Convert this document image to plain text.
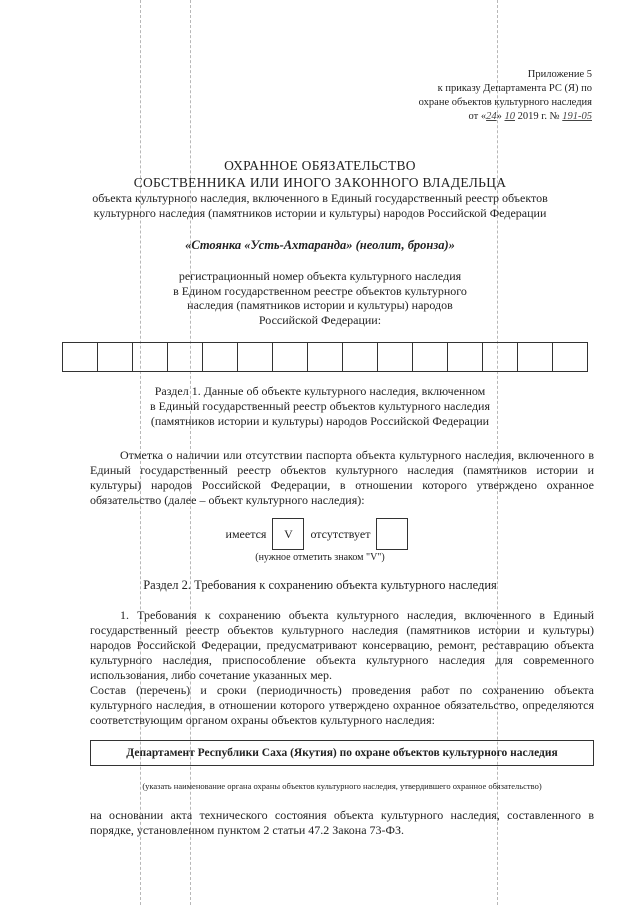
Приложение 5
к приказу Департамента РС (Я) по
охране объектов культурного наследия
от «24» 10 2019 г. № 191-05
ОХРАННОЕ ОБЯЗАТЕЛЬСТВО
СОБСТВЕННИКА ИЛИ ИНОГО ЗАКОННОГО ВЛАДЕЛЬЦА
объекта культурного наследия, включенного в Единый государственный реестр объектов
культурного наследия (памятников истории и культуры) народов Российской Федерации
«Стоянка «Усть-Ахтаранда» (неолит, бронза)»
регистрационный номер объекта культурного наследия
в Едином государственном реестре объектов культурного
наследия (памятников истории и культуры) народов
Российской Федерации:
Раздел 1. Данные об объекте культурного наследия, включенном
в Единый государственный реестр объектов культурного наследия
(памятников истории и культуры) народов Российской Федерации
Отметка о наличии или отсутствии паспорта объекта культурного наследия, включенного в Единый государственный реестр объектов культурного наследия (памятников истории и культуры) народов Российской Федерации, в отношении которого утверждено охранное обязательство (далее – объект культурного наследия):
имеется	V	отсутствует
(нужное отметить знаком "V")
Раздел 2. Требования к сохранению объекта культурного наследия
1. Требования к сохранению объекта культурного наследия, включенного в Единый государственный реестр объектов культурного наследия (памятников истории и культуры) народов Российской Федерации, предусматривают консервацию, ремонт, реставрацию объекта культурного наследия, приспособление объекта культурного наследия для современного использования, либо сочетание указанных мер.
Состав (перечень) и сроки (периодичность) проведения работ по сохранению объекта культурного наследия, в отношении которого утверждено охранное обязательство, определяются соответствующим органом охраны объектов культурного наследия:
Департамент Республики Саха (Якутия) по охране объектов культурного наследия
(указать наименование органа охраны объектов культурного наследия, утвердившего охранное обязательство)
на основании акта технического состояния объекта культурного наследия, составленного в порядке, установленном пунктом 2 статьи 47.2 Закона 73-ФЗ.
